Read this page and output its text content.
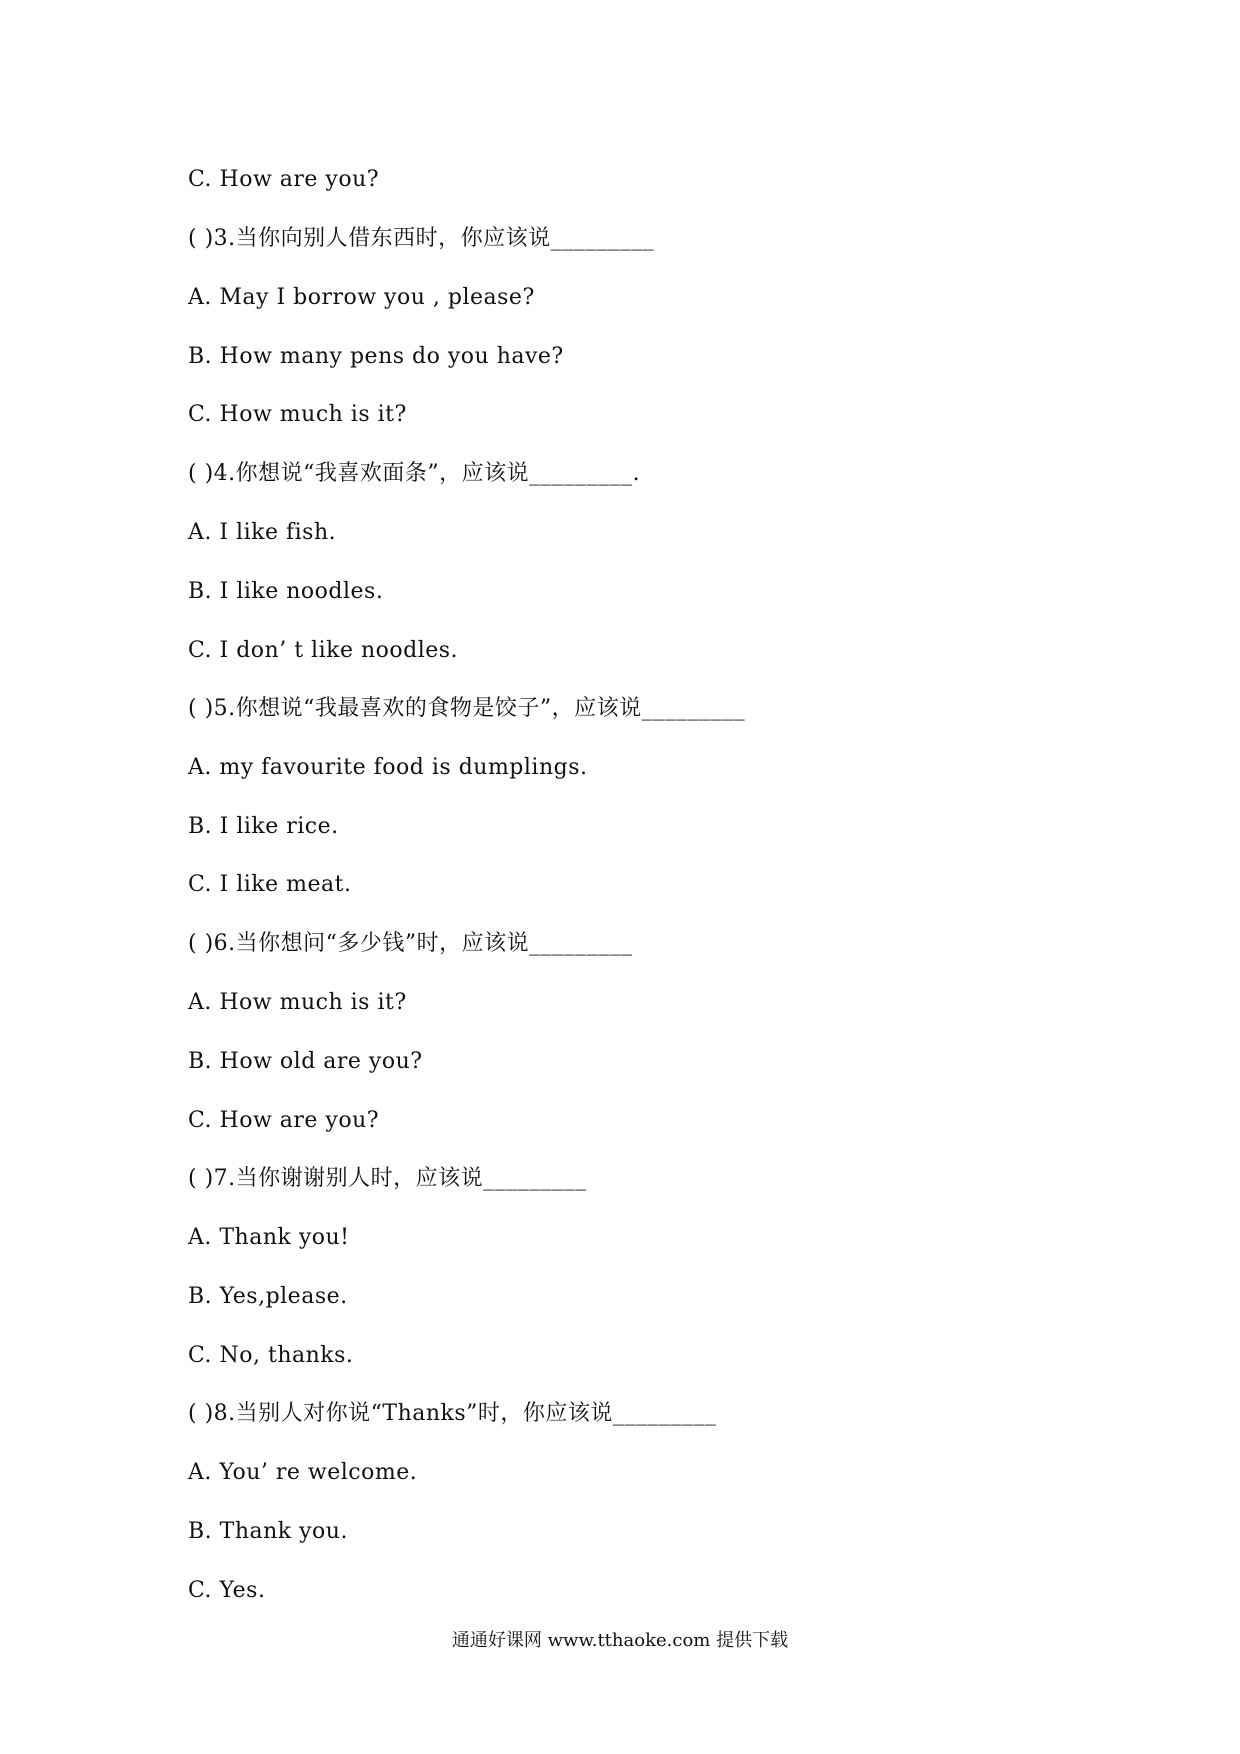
C. How are you?
( )3.当你向别人借东西时，你应该说_________
A. May I borrow you , please?
B. How many pens do you have?
C. How much is it?
( )4.你想说“我喜欢面条”，应该说_________.
A. I like fish.
B. I like noodles.
C. I don’ t like noodles.
( )5.你想说“我最喜欢的食物是饺子”，应该说_________
A. my favourite food is dumplings.
B. I like rice.
C. I like meat.
( )6.当你想问“多少钱”时，应该说_________
A. How much is it?
B. How old are you?
C. How are you?
( )7.当你谢谢别人时，应该说_________
A. Thank you!
B. Yes,please.
C. No, thanks.
( )8.当别人对你说“Thanks”时，你应该说_________
A. You’ re welcome.
B. Thank you.
C. Yes.
通通好课网 www.tthaoke.com 提供下载
